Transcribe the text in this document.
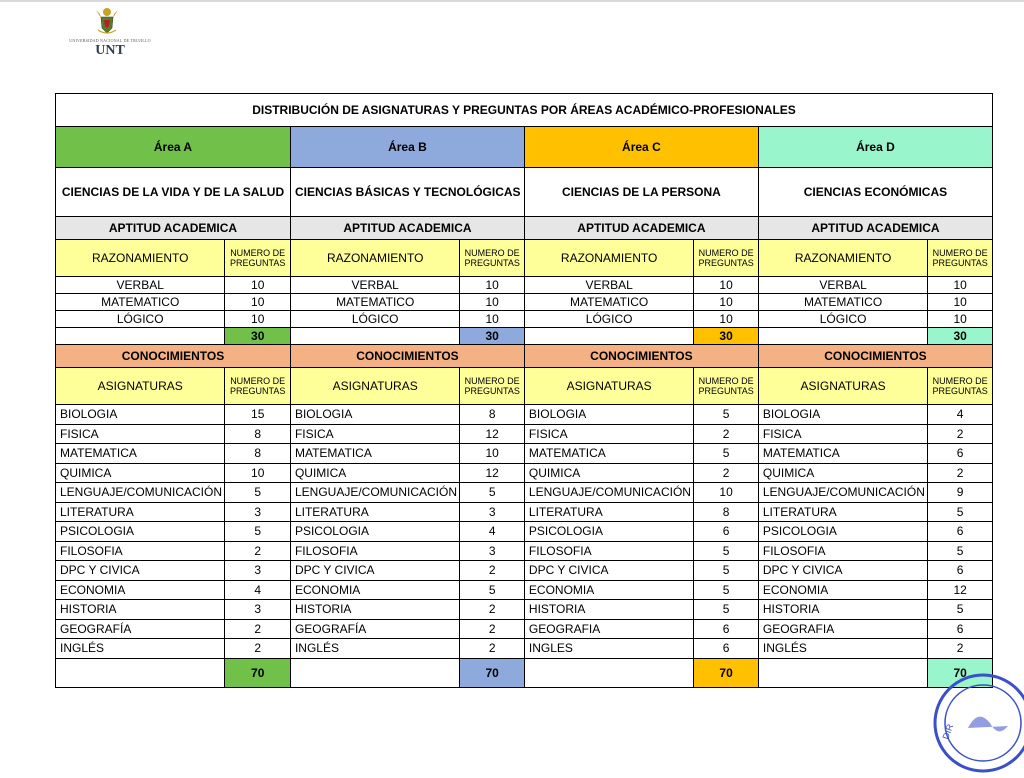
UNIVERSIDAD NACIONAL DE TRUJILLO
UNT
DISTRIBUCIÓN DE ASIGNATURAS Y PREGUNTAS POR ÁREAS ACADÉMICO-PROFESIONALES							
Área A		Área B		Área C		Área D	
CIENCIAS DE LA VIDA Y DE LA SALUD		CIENCIAS BÁSICAS Y TECNOLÓGICAS		CIENCIAS DE LA PERSONA		CIENCIAS ECONÓMICAS	
APTITUD ACADEMICA		APTITUD ACADEMICA		APTITUD ACADEMICA		APTITUD ACADEMICA	
RAZONAMIENTO	NUMERO DE PREGUNTAS	RAZONAMIENTO	NUMERO DE PREGUNTAS	RAZONAMIENTO	NUMERO DE PREGUNTAS	RAZONAMIENTO	NUMERO DE PREGUNTAS
VERBAL	10	VERBAL	10	VERBAL	10	VERBAL	10
MATEMATICO	10	MATEMATICO	10	MATEMATICO	10	MATEMATICO	10
LÓGICO	10	LÓGICO	10	LÓGICO	10	LÓGICO	10
	30		30		30		30
CONOCIMIENTOS		CONOCIMIENTOS		CONOCIMIENTOS		CONOCIMIENTOS	
ASIGNATURAS	NUMERO DE PREGUNTAS	ASIGNATURAS	NUMERO DE PREGUNTAS	ASIGNATURAS	NUMERO DE PREGUNTAS	ASIGNATURAS	NUMERO DE PREGUNTAS
BIOLOGIA	15	BIOLOGIA	8	BIOLOGIA	5	BIOLOGIA	4
FISICA	8	FISICA	12	FISICA	2	FISICA	2
MATEMATICA	8	MATEMATICA	10	MATEMATICA	5	MATEMATICA	6
QUIMICA	10	QUIMICA	12	QUIMICA	2	QUIMICA	2
LENGUAJE/COMUNICACIÓN	5	LENGUAJE/COMUNICACIÓN	5	LENGUAJE/COMUNICACIÓN	10	LENGUAJE/COMUNICACIÓN	9
LITERATURA	3	LITERATURA	3	LITERATURA	8	LITERATURA	5
PSICOLOGIA	5	PSICOLOGIA	4	PSICOLOGIA	6	PSICOLOGIA	6
FILOSOFIA	2	FILOSOFIA	3	FILOSOFIA	5	FILOSOFIA	5
DPC Y CIVICA	3	DPC Y CIVICA	2	DPC Y CIVICA	5	DPC Y CIVICA	6
ECONOMIA	4	ECONOMIA	5	ECONOMIA	5	ECONOMIA	12
HISTORIA	3	HISTORIA	2	HISTORIA	5	HISTORIA	5
GEOGRAFÍA	2	GEOGRAFÍA	2	GEOGRAFIA	6	GEOGRAFIA	6
INGLÉS	2	INGLÉS	2	INGLES	6	INGLÉS	2
	70		70		70		70
DIR
